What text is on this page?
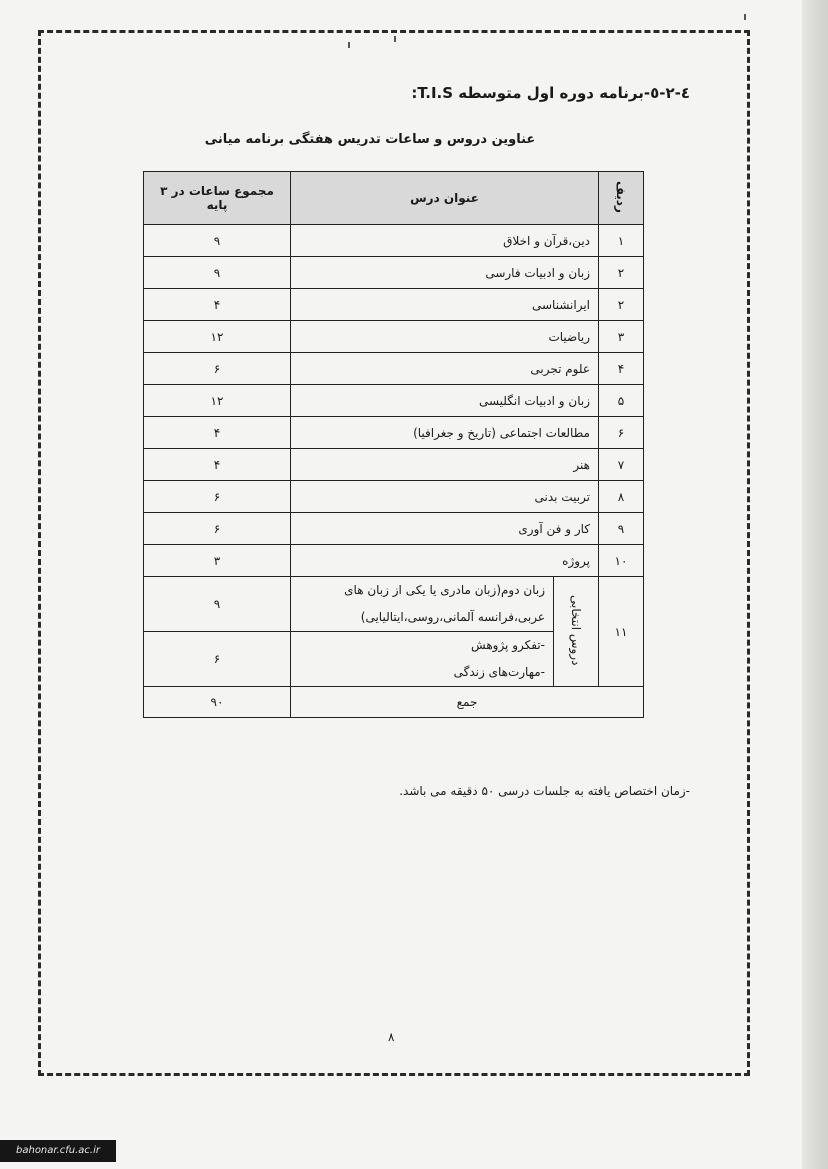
٤-٢-٥-برنامه دوره اول متوسطه T.I.S:
عناوین دروس و ساعات تدریس هفتگی برنامه میانی
ردیف	عنوان درس		مجموع ساعات در ۳ پایه
۱	دین،قرآن و اخلاق		۹
۲	زبان و ادبیات فارسی		۹
۲	ایرانشناسی		۴
۳	ریاضیات		۱۲
۴	علوم تجربی		۶
۵	زبان و ادبیات انگلیسی		۱۲
۶	مطالعات اجتماعی (تاریخ و جغرافیا)		۴
۷	هنر		۴
۸	تربیت بدنی		۶
۹	کار و فن آوری		۶
۱۰	پروژه		۳
۱۱	دروس انتخابی	زبان دوم(زبان مادری یا یکی از زبان های
عربی،فرانسه آلمانی،روسی،ایتالیایی)	۹

		-تفکرو پژوهش
-مهارت‌های زندگی	۶
جمع			۹۰
-زمان اختصاص یافته به جلسات درسی ۵۰ دقیقه می باشد.
۸
bahonar.cfu.ac.ir
